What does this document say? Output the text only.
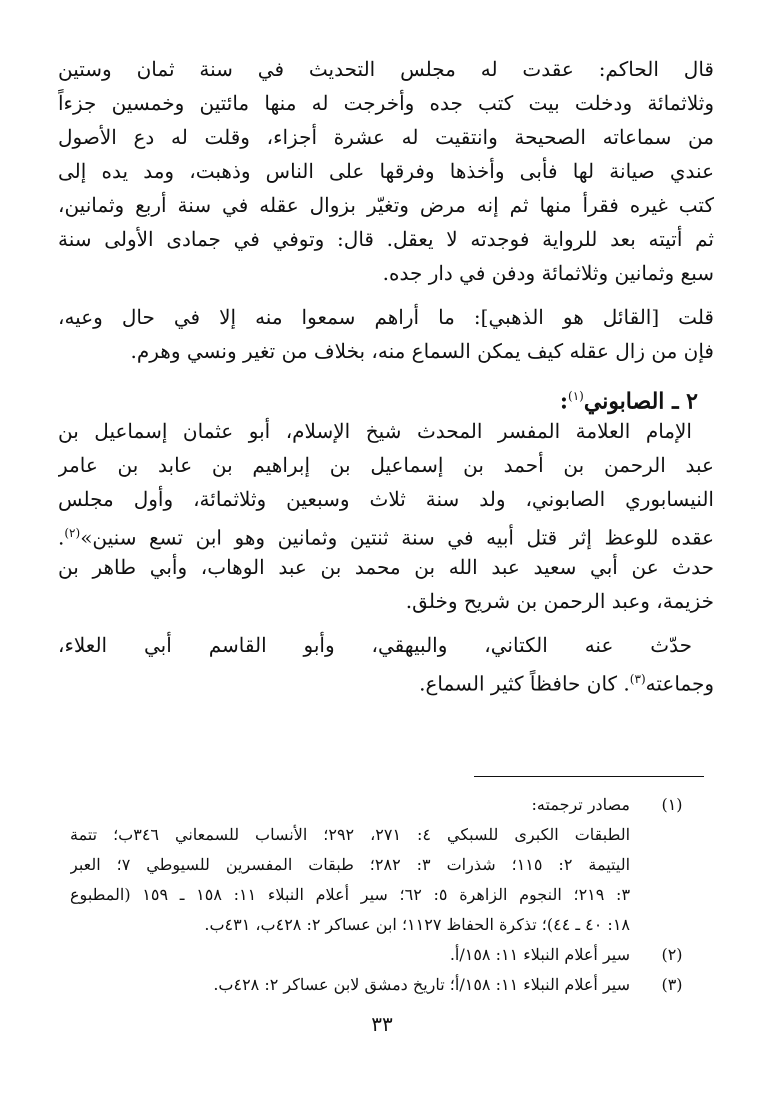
قال الحاكم: عقدت له مجلس التحديث في سنة ثمان وستين
وثلاثمائة ودخلت بيت كتب جده وأخرجت له منها مائتين وخمسين جزءاً
من سماعاته الصحيحة وانتقيت له عشرة أجزاء، وقلت له دع الأصول
عندي صيانة لها فأبى وأخذها وفرقها على الناس وذهبت، ومد يده إلى
كتب غيره فقرأ منها ثم إنه مرض وتغيّر بزوال عقله في سنة أربع وثمانين،
ثم أتيته بعد للرواية فوجدته لا يعقل. قال: وتوفي في جمادى الأولى سنة
سبع وثمانين وثلاثمائة ودفن في دار جده.
قلت [القائل هو الذهبي]: ما أراهم سمعوا منه إلا في حال وعيه،
فإن من زال عقله كيف يمكن السماع منه، بخلاف من تغير ونسي وهرم.
٢ ـ الصابوني$^{(١)}$:
الإمام العلامة المفسر المحدث شيخ الإسلام، أبو عثمان إسماعيل بن
عبد الرحمن بن أحمد بن إسماعيل بن إبراهيم بن عابد بن عامر
النيسابوري الصابوني، ولد سنة ثلاث وسبعين وثلاثمائة، وأول مجلس
عقده للوعظ إثر قتل أبيه في سنة ثنتين وثمانين وهو ابن تسع سنين»$^{(٢)}$.
حدث عن أبي سعيد عبد الله بن محمد بن عبد الوهاب، وأبي طاهر بن
خزيمة، وعبد الرحمن بن شريح وخلق.
حدّث عنه الكتاني، والبيهقي، وأبو القاسم أبي العلاء،
وجماعته$^{(٣)}$. كان حافظاً كثير السماع.
(١)
مصادر ترجمته:
الطبقات الكبرى للسبكي ٤: ٢٧١، ٢٩٢؛ الأنساب للسمعاني ٣٤٦ب؛ تتمة
اليتيمة ٢: ١١٥؛ شذرات ٣: ٢٨٢؛ طبقات المفسرين للسيوطي ٧؛ العبر
٣: ٢١٩؛ النجوم الزاهرة ٥: ٦٢؛ سير أعلام النبلاء ١١: ١٥٨ ـ ١٥٩ (المطبوع
١٨: ٤٠ ـ ٤٤)؛ تذكرة الحفاظ ١١٢٧؛ ابن عساكر ٢: ٤٢٨ب، ٤٣١ب.
(٢)
سير أعلام النبلاء ١١: ١٥٨/أ.
(٣)
سير أعلام النبلاء ١١: ١٥٨/أ؛ تاريخ دمشق لابن عساكر ٢: ٤٢٨ب.
٣٣
